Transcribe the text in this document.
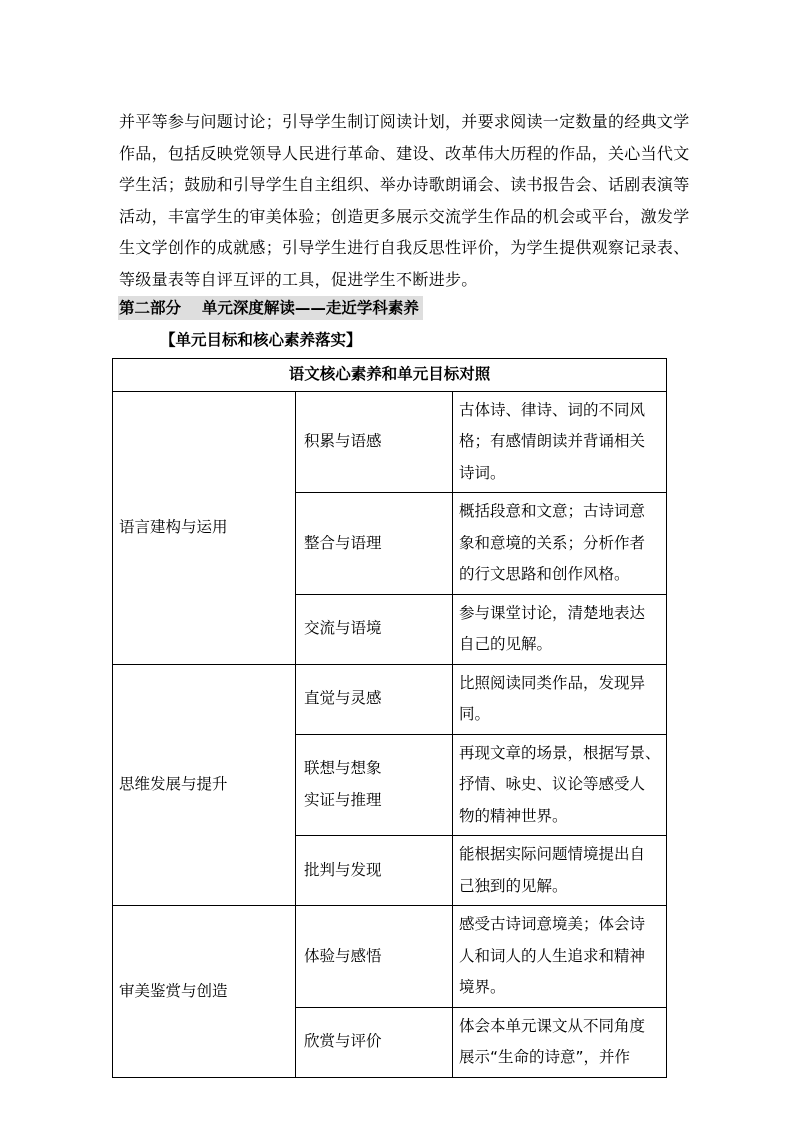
并平等参与问题讨论；引导学生制订阅读计划，并要求阅读一定数量的经典文学
作品，包括反映党领导人民进行革命、建设、改革伟大历程的作品，关心当代文
学生活；鼓励和引导学生自主组织、举办诗歌朗诵会、读书报告会、话剧表演等
活动，丰富学生的审美体验；创造更多展示交流学生作品的机会或平台，激发学
生文学创作的成就感；引导学生进行自我反思性评价，为学生提供观察记录表、
等级量表等自评互评的工具，促进学生不断进步。
第二部分　 单元深度解读——走近学科素养
【单元目标和核心素养落实】
语文核心素养和单元目标对照		
语言建构与运用	积累与语感	古体诗、律诗、词的不同风
格；有感情朗读并背诵相关
诗词。

	整合与语理	概括段意和文意；古诗词意
象和意境的关系；分析作者
的行文思路和创作风格。

	交流与语境	参与课堂讨论，清楚地表达
自己的见解。

思维发展与提升	直觉与灵感	比照阅读同类作品，发现异
同。

	联想与想象
实证与推理	再现文章的场景，根据写景、
抒情、咏史、议论等感受人
物的精神世界。

	批判与发现	能根据实际问题情境提出自
己独到的见解。

审美鉴赏与创造	体验与感悟	感受古诗词意境美；体会诗
人和词人的人生追求和精神
境界。

	欣赏与评价	体会本单元课文从不同角度
展示“生命的诗意”，并作
